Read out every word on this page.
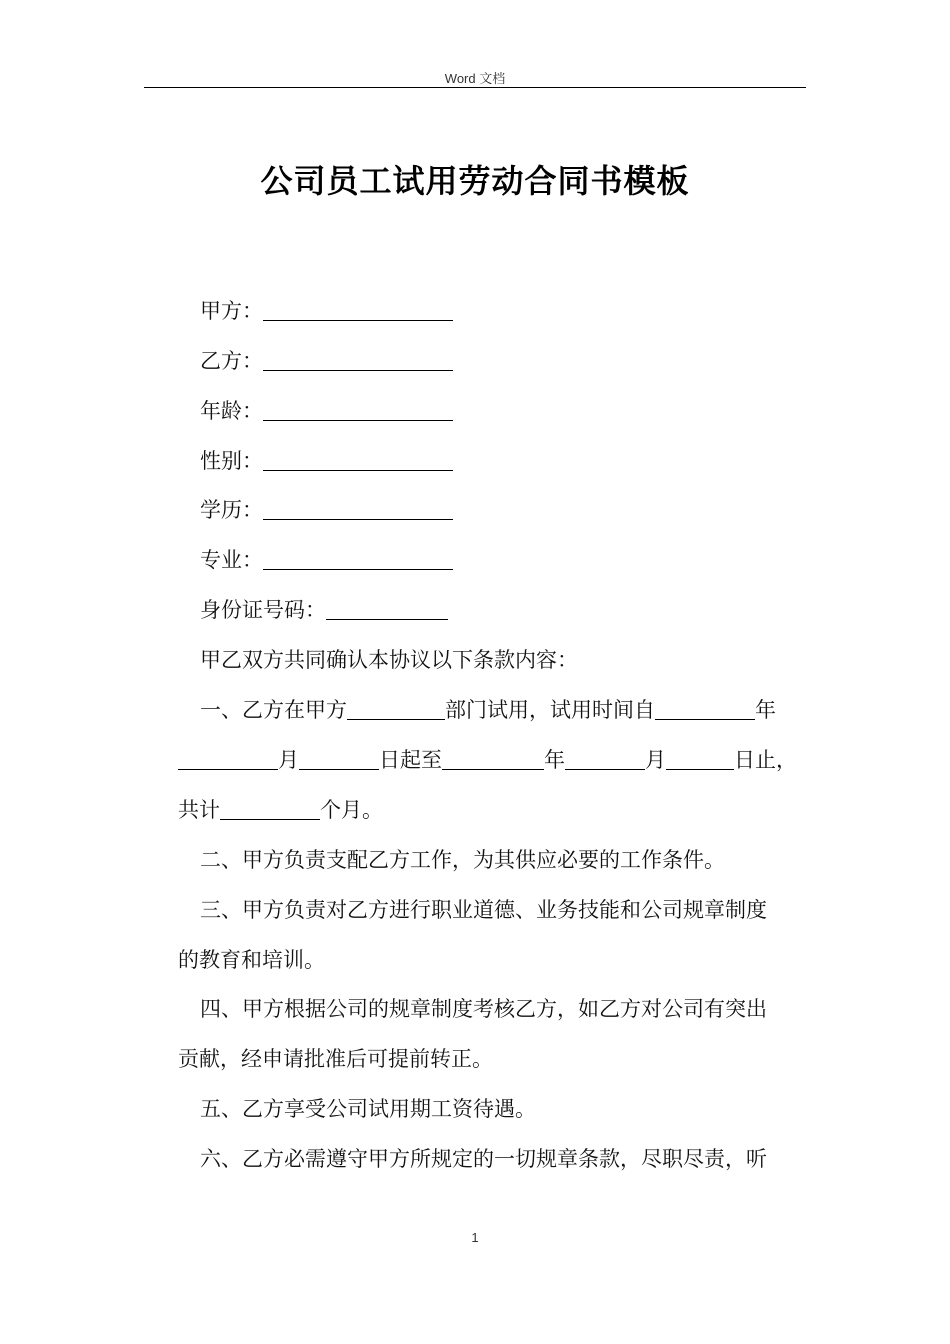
Word 文档
公司员工试用劳动合同书模板
甲方：
乙方：
年龄：
性别：
学历：
专业：
身份证号码：
甲乙双方共同确认本协议以下条款内容：
一、乙方在甲方	部门试用，试用时间自	年
月	日起至	年	月	日止，
共计	个月。
二、甲方负责支配乙方工作，为其供应必要的工作条件。
三、甲方负责对乙方进行职业道德、业务技能和公司规章制度
的教育和培训。
四、甲方根据公司的规章制度考核乙方，如乙方对公司有突出
贡献，经申请批准后可提前转正。
五、乙方享受公司试用期工资待遇。
六、乙方必需遵守甲方所规定的一切规章条款，尽职尽责，听
1
